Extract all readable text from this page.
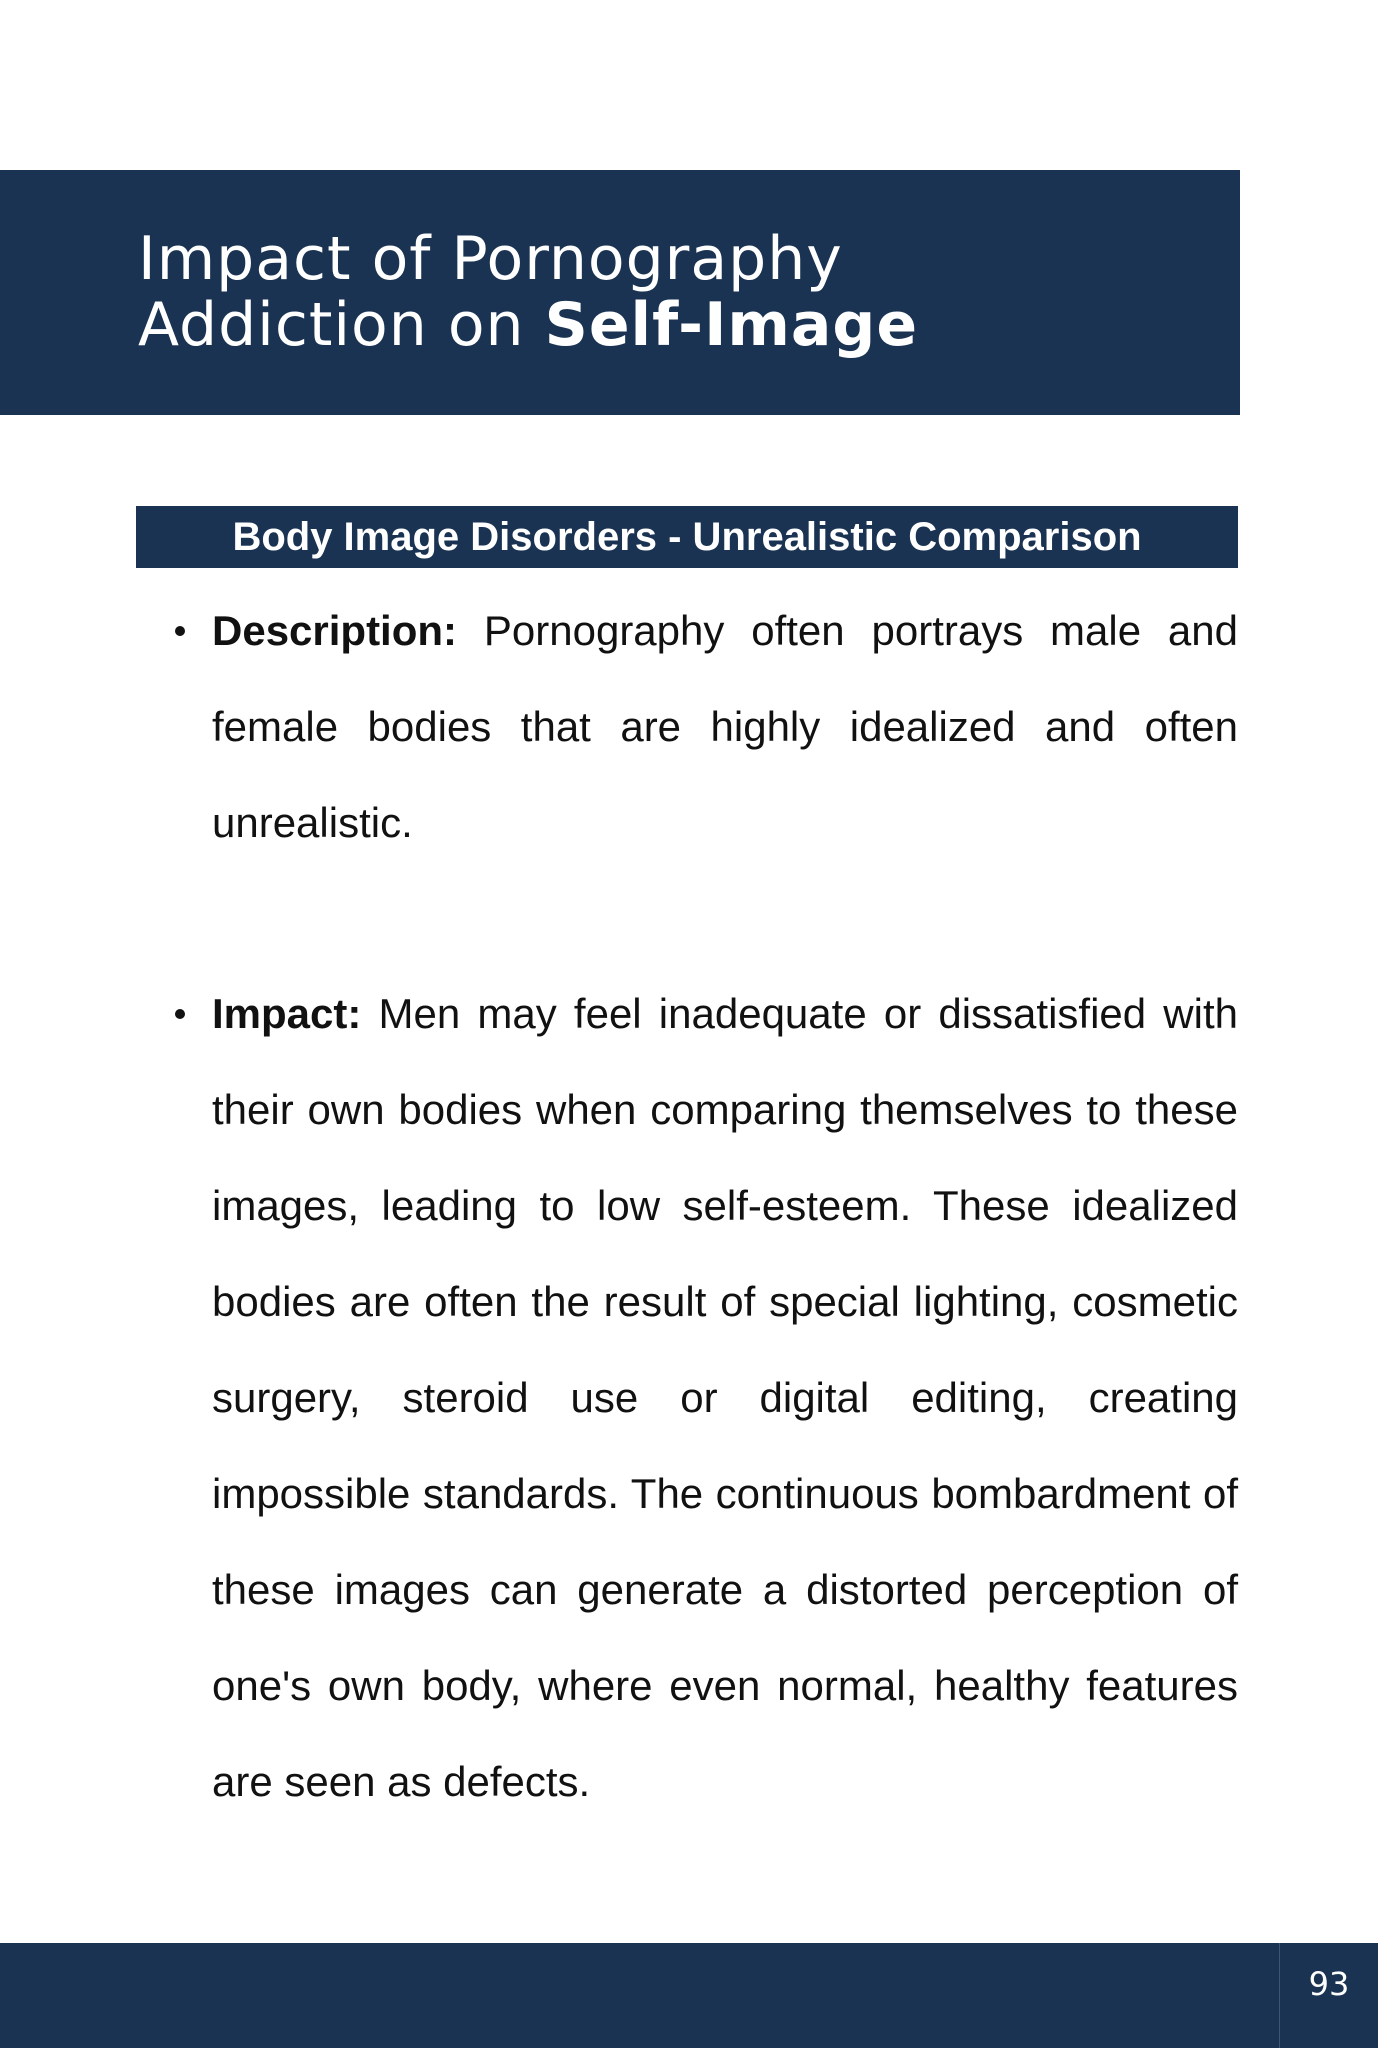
Impact of Pornography
Addiction on Self-Image
Body Image Disorders - Unrealistic Comparison
Description: Pornography often portrays male and female bodies that are highly idealized and often unrealistic.
Impact: Men may feel inadequate or dissatisfied with their own bodies when comparing themselves to these images, leading to low self-esteem. These idealized bodies are often the result of special lighting, cosmetic surgery, steroid use or digital editing, creating impossible standards. The continuous bombardment of these images can generate a distorted perception of one's own body, where even normal, healthy features are seen as defects.
93
